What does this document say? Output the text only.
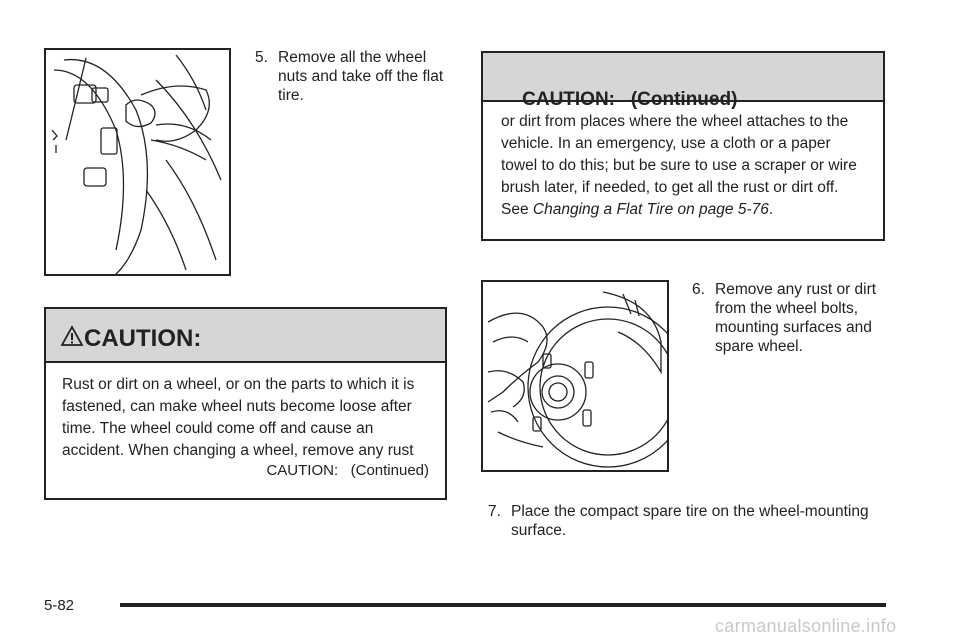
5. Remove all the wheel nuts and take off the flat tire.
CAUTION:
Rust or dirt on a wheel, or on the parts to which it is fastened, can make wheel nuts become loose after time. The wheel could come off and cause an accident. When changing a wheel, remove any rust
CAUTION:   (Continued)

CAUTION:   (Continued)

or dirt from places where the wheel attaches to the vehicle. In an emergency, use a cloth or a paper towel to do this; but be sure to use a scraper or wire brush later, if needed, to get all the rust or dirt off. See Changing a Flat Tire on page 5-76.
6. Remove any rust or dirt from the wheel bolts, mounting surfaces and spare wheel.
7. Place the compact spare tire on the wheel-mounting surface.
5-82
carmanualsonline.info
